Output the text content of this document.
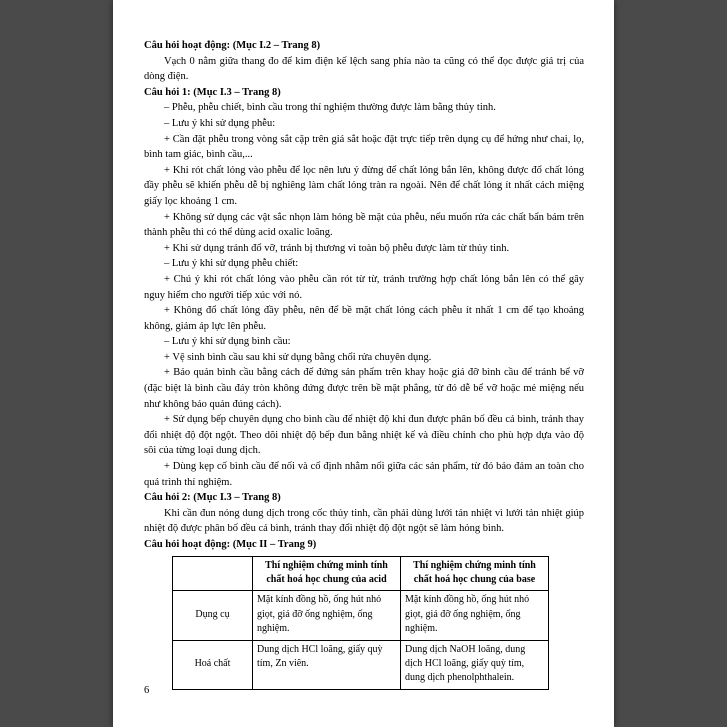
Câu hỏi hoạt động: (Mục I.2 – Trang 8)

Vạch 0 nằm giữa thang đo để kim điện kế lệch sang phía nào ta cũng có thể đọc được giá trị của dòng điện.

Câu hỏi 1: (Mục I.3 – Trang 8)

– Phễu, phễu chiết, bình cầu trong thí nghiệm thường được làm bằng thủy tinh.

– Lưu ý khi sử dụng phễu:

+ Cần đặt phễu trong vòng sắt cặp trên giá sắt hoặc đặt trực tiếp trên dụng cụ để hứng như chai, lọ, bình tam giác, bình cầu,...

+ Khi rót chất lỏng vào phễu để lọc nên lưu ý đừng để chất lỏng bắn lên, không được đổ chất lỏng đầy phễu sẽ khiến phễu dễ bị nghiêng làm chất lỏng tràn ra ngoài. Nên để chất lỏng ít nhất cách miệng giấy lọc khoảng 1 cm.

+ Không sử dụng các vật sắc nhọn làm hỏng bề mặt của phễu, nếu muốn rửa các chất bẩn bám trên thành phễu thì có thể dùng acid oxalic loãng.

+ Khi sử dụng tránh đổ vỡ, tránh bị thương vì toàn bộ phễu được làm từ thủy tinh.

– Lưu ý khi sử dụng phễu chiết:

+ Chú ý khi rót chất lỏng vào phễu cần rót từ từ, tránh trường hợp chất lỏng bắn lên có thể gây nguy hiểm cho người tiếp xúc với nó.

+ Không đổ chất lỏng đầy phễu, nên để bề mặt chất lỏng cách phễu ít nhất 1 cm để tạo khoảng không, giảm áp lực lên phễu.

– Lưu ý khi sử dụng bình cầu:

+ Vệ sinh bình cầu sau khi sử dụng bằng chổi rửa chuyên dụng.

+ Bảo quản bình cầu bằng cách để đứng sản phẩm trên khay hoặc giá đỡ bình cầu để tránh bể vỡ (đặc biệt là bình cầu đáy tròn không đứng được trên bề mặt phẳng, từ đó dễ bể vỡ hoặc mẻ miệng nếu như không bảo quản đúng cách).

+ Sử dụng bếp chuyên dụng cho bình cầu để nhiệt độ khi đun được phân bố đều cả bình, tránh thay đổi nhiệt độ đột ngột. Theo dõi nhiệt độ bếp đun bằng nhiệt kế và điều chỉnh cho phù hợp dựa vào độ sôi của từng loại dung dịch.

+ Dùng kẹp cố bình cầu để nối và cố định nhằm nối giữa các sản phẩm, từ đó bảo đảm an toàn cho quá trình thí nghiệm.

Câu hỏi 2: (Mục I.3 – Trang 8)

Khi cần đun nóng dung dịch trong cốc thủy tinh, cần phải dùng lưới tản nhiệt vì lưới tản nhiệt giúp nhiệt độ được phân bố đều cả bình, tránh thay đổi nhiệt độ đột ngột sẽ làm hỏng bình.

Câu hỏi hoạt động: (Mục II – Trang 9)

	Thí nghiệm chứng minh tính chất hoá học chung của acid	Thí nghiệm chứng minh tính chất hoá học chung của base
Dụng cụ	Mặt kính đồng hồ, ống hút nhỏ giọt, giá đỡ ống nghiệm, ống nghiệm.	Mặt kính đồng hồ, ống hút nhỏ giọt, giá đỡ ống nghiệm, ống nghiệm.
Hoá chất	Dung dịch HCl loãng, giấy quỳ tím, Zn viên.	Dung dịch NaOH loãng, dung dịch HCl loãng, giấy quỳ tím, dung dịch phenolphthalein.
6
